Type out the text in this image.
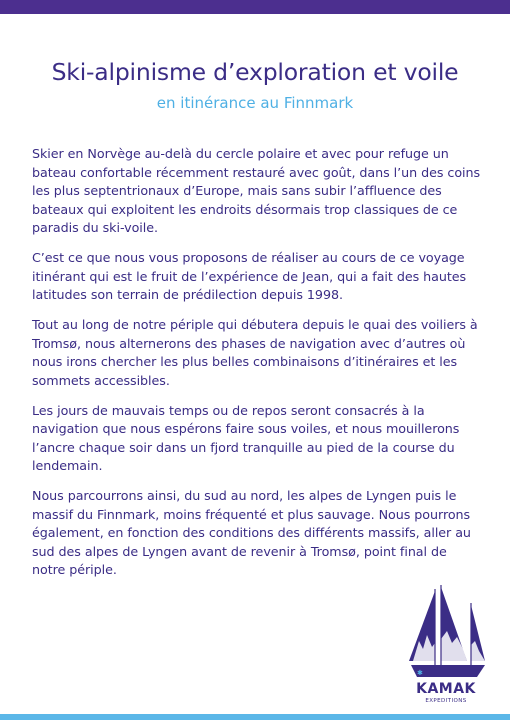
Ski-alpinisme d’exploration et voile
en itinérance au Finnmark

Skier en Norvège au-delà du cercle polaire et avec pour refuge un bateau confortable récemment restauré avec goût, dans l’un des coins les plus septentrionaux d’Europe, mais sans subir l’affluence des bateaux qui exploitent les endroits désormais trop classiques de ce paradis du ski-voile.

C’est ce que nous vous proposons de réaliser au cours de ce voyage itinérant qui est le fruit de l’expérience de Jean, qui a fait des hautes latitudes son terrain de prédilection depuis 1998.

Tout au long de notre périple qui débutera depuis le quai des voiliers à Tromsø, nous alternerons des phases de navigation avec d’autres où nous irons chercher les plus belles combinaisons d’itinéraires et les sommets accessibles.

Les jours de mauvais temps ou de repos seront consacrés à la navigation que nous espérons faire sous voiles, et nous mouillerons l’ancre chaque soir dans un fjord tranquille au pied de la course du lendemain.

Nous parcourrons ainsi, du sud au nord, les alpes de Lyngen puis le massif du Finnmark, moins fréquenté et plus sauvage. Nous pourrons également, en fonction des conditions des différents massifs, aller au sud des alpes de Lyngen avant de revenir à Tromsø, point final de notre périple.

✱
KAMAK
EXPEDITIONS
